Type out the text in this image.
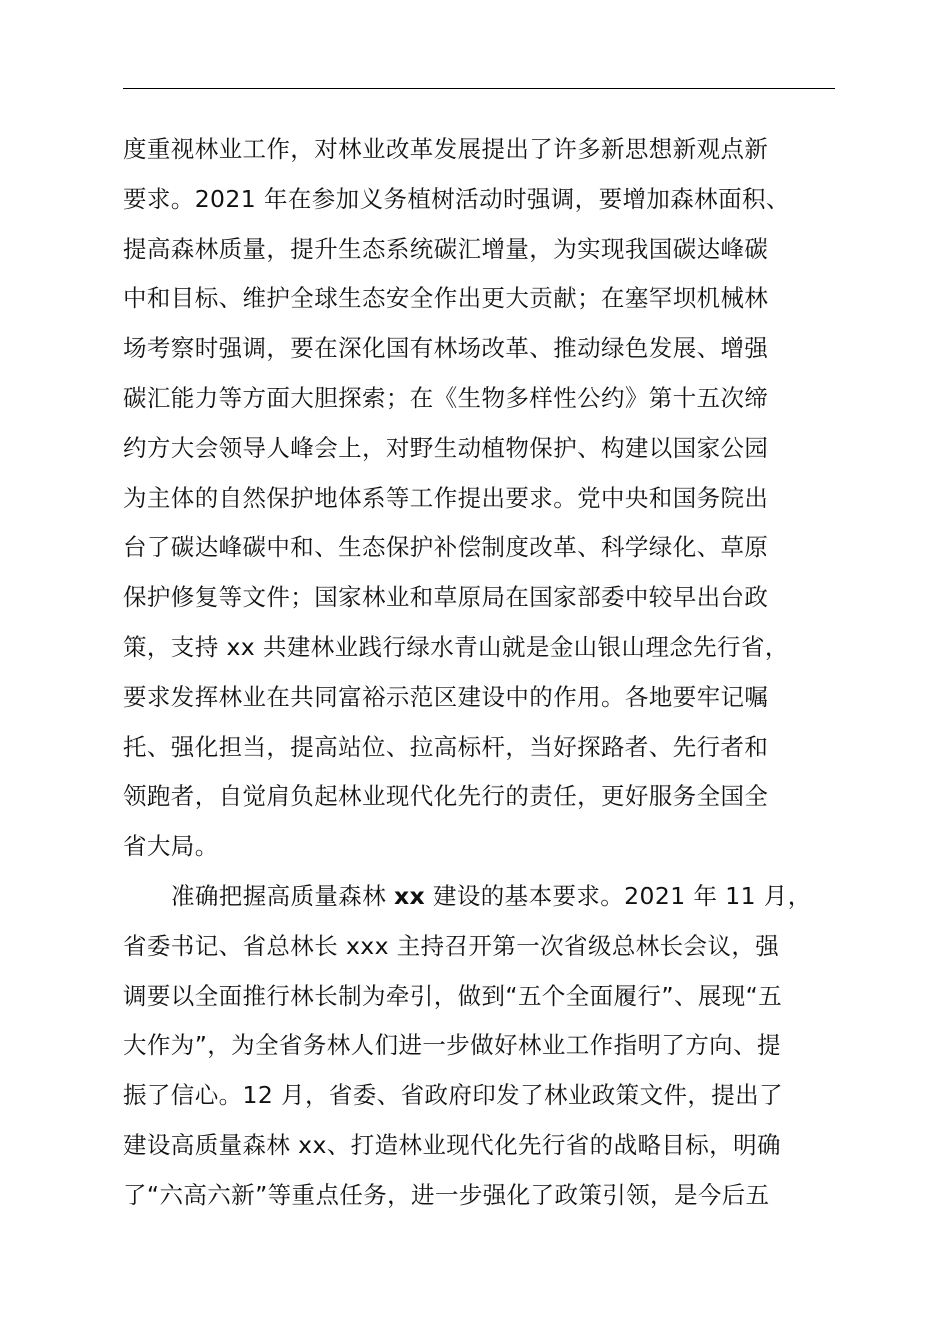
度重视林业工作，对林业改革发展提出了许多新思想新观点新
要求。2021 年在参加义务植树活动时强调，要增加森林面积、
提高森林质量，提升生态系统碳汇增量，为实现我国碳达峰碳
中和目标、维护全球生态安全作出更大贡献；在塞罕坝机械林
场考察时强调，要在深化国有林场改革、推动绿色发展、增强
碳汇能力等方面大胆探索；在《生物多样性公约》第十五次缔
约方大会领导人峰会上，对野生动植物保护、构建以国家公园
为主体的自然保护地体系等工作提出要求。党中央和国务院出
台了碳达峰碳中和、生态保护补偿制度改革、科学绿化、草原
保护修复等文件；国家林业和草原局在国家部委中较早出台政
策，支持 xx 共建林业践行绿水青山就是金山银山理念先行省，
要求发挥林业在共同富裕示范区建设中的作用。各地要牢记嘱
托、强化担当，提高站位、拉高标杆，当好探路者、先行者和
领跑者，自觉肩负起林业现代化先行的责任，更好服务全国全
省大局。
准确把握高质量森林 xx 建设的基本要求。2021 年 11 月，
省委书记、省总林长 xxx 主持召开第一次省级总林长会议，强
调要以全面推行林长制为牵引，做到“五个全面履行”、展现“五
大作为”，为全省务林人们进一步做好林业工作指明了方向、提
振了信心。12 月，省委、省政府印发了林业政策文件，提出了
建设高质量森林 xx、打造林业现代化先行省的战略目标，明确
了“六高六新”等重点任务，进一步强化了政策引领，是今后五
